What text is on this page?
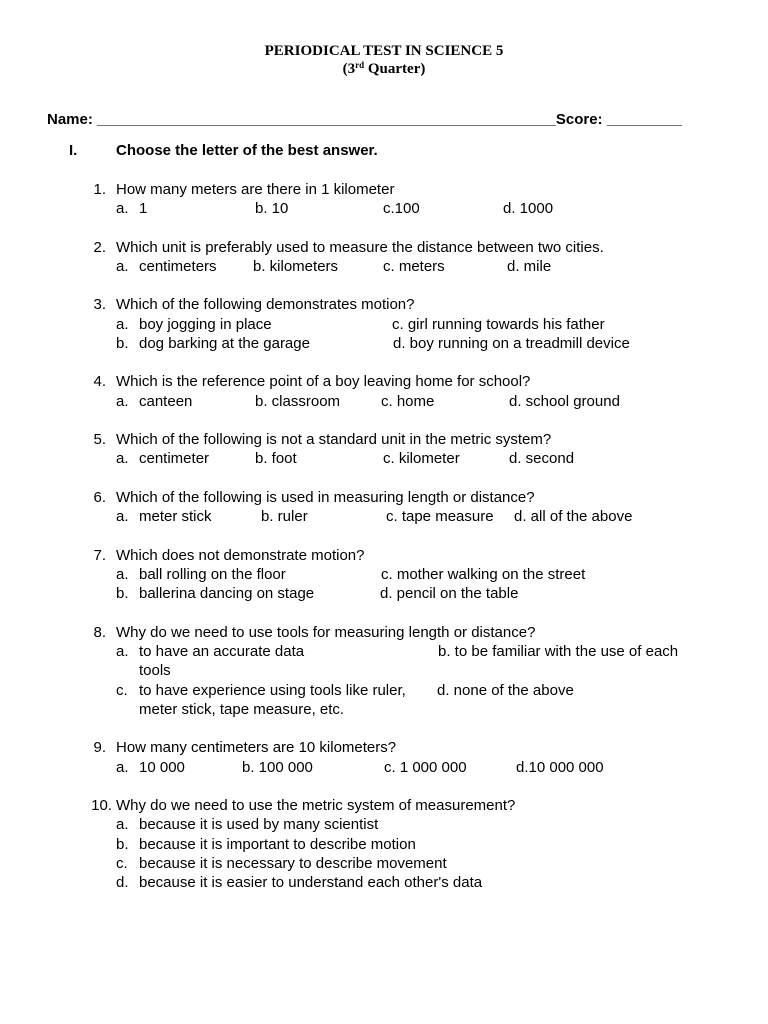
PERIODICAL TEST IN SCIENCE 5
(3rd Quarter)
Name: _______________________________________________________Score: _________
I.	Choose the letter of the best answer.
1. How many meters are there in 1 kilometer
a. 1	b. 10	c.100	d. 1000
2. Which unit is preferably used to measure the distance between two cities.
a. centimeters b. kilometers	c. meters	d. mile
3. Which of the following demonstrates motion?
a. boy jogging in place	c. girl running towards his father
b. dog barking at the garage	d. boy running on a treadmill device
4. Which is the reference point of a boy leaving home for school?
a. canteen	b. classroom	c. home	d. school ground
5. Which of the following is not a standard unit in the metric system?
a. centimeter	b. foot	c. kilometer	d. second
6. Which of the following is used in measuring length or distance?
a. meter stick	b. ruler	c. tape measure d. all of the above
7. Which does not demonstrate motion?
a. ball rolling on the floor	c. mother walking on the street
b. ballerina dancing on stage	d. pencil on the table
8. Why do we need to use tools for measuring length or distance?
a. to have an accurate data	b. to be familiar with the use of each
tools
c. to have experience using tools like ruler, d. none of the above
meter stick, tape measure, etc.
9. How many centimeters are 10 kilometers?
a. 10 000	b. 100 000	c. 1 000 000	d.10 000 000
10. Why do we need to use the metric system of measurement?
a. because it is used by many scientist
b. because it is important to describe motion
c. because it is necessary to describe movement
d. because it is easier to understand each other's data
